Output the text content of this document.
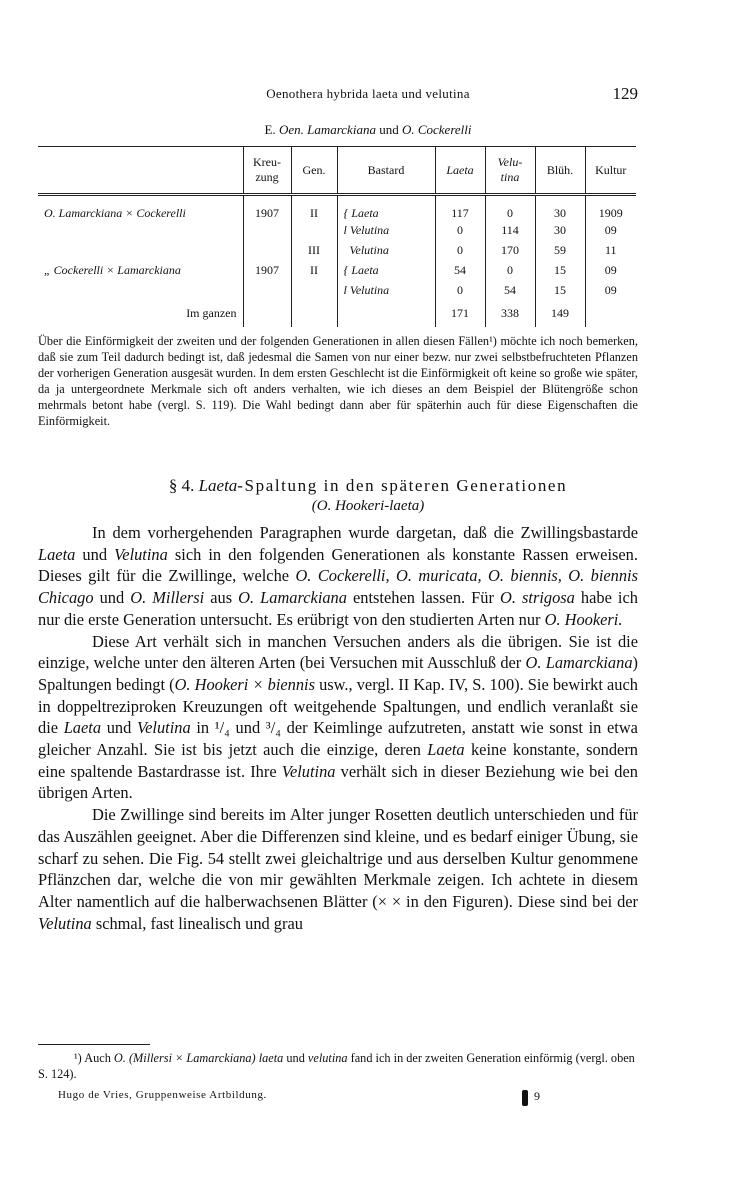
Oenothera hybrida laeta und velutina	129
E. Oen. Lamarckiana und O. Cockerelli
	Kreu-
zung	Gen.	Bastard	Laeta	Velu-
tina	Blüh.	Kultur
O. Lamarckiana × Cockerelli	1907	II	{ Laeta	117	0	30	1909
			l Velutina	0	114	30	09
		III	Velutina	0	170	59	11
„ Cockerelli × Lamarckiana	1907	II	{ Laeta	54	0	15	09
			l Velutina	0	54	15	09
Im ganzen				171	338	149	
Über die Einförmigkeit der zweiten und der folgenden Generationen in allen diesen Fällen¹) möchte ich noch bemerken, daß sie zum Teil dadurch bedingt ist, daß jedesmal die Samen von nur einer bezw. nur zwei selbstbefruchteten Pflanzen der vorherigen Generation ausgesät wurden. In dem ersten Geschlecht ist die Einförmigkeit oft keine so große wie später, da ja untergeordnete Merkmale sich oft anders verhalten, wie ich dieses an dem Beispiel der Blütengröße schon mehrmals betont habe (vergl. S. 119). Die Wahl bedingt dann aber für späterhin auch für diese Eigenschaften die Einförmigkeit.
§ 4. Laeta-Spaltung in den späteren Generationen
(O. Hookeri-laeta)

In dem vorhergehenden Paragraphen wurde dargetan, daß die Zwillingsbastarde Laeta und Velutina sich in den folgenden Generationen als konstante Rassen erweisen. Dieses gilt für die Zwillinge, welche O. Cockerelli, O. muricata, O. biennis, O. biennis Chicago und O. Millersi aus O. Lamarckiana entstehen lassen. Für O. strigosa habe ich nur die erste Generation untersucht. Es erübrigt von den studierten Arten nur O. Hookeri.

Diese Art verhält sich in manchen Versuchen anders als die übrigen. Sie ist die einzige, welche unter den älteren Arten (bei Versuchen mit Ausschluß der O. Lamarckiana) Spaltungen bedingt (O. Hookeri × biennis usw., vergl. II Kap. IV, S. 100). Sie bewirkt auch in doppeltreziproken Kreuzungen oft weitgehende Spaltungen, und endlich veranlaßt sie die Laeta und Velutina in ¹/₄ und ³/₄ der Keimlinge aufzutreten, anstatt wie sonst in etwa gleicher Anzahl. Sie ist bis jetzt auch die einzige, deren Laeta keine konstante, sondern eine spaltende Bastardrasse ist. Ihre Velutina verhält sich in dieser Beziehung wie bei den übrigen Arten.

Die Zwillinge sind bereits im Alter junger Rosetten deutlich unterschieden und für das Auszählen geeignet. Aber die Differenzen sind kleine, und es bedarf einiger Übung, sie scharf zu sehen. Die Fig. 54 stellt zwei gleichaltrige und aus derselben Kultur genommene Pflänzchen dar, welche die von mir gewählten Merkmale zeigen. Ich achtete in diesem Alter namentlich auf die halberwachsenen Blätter (× × in den Figuren). Diese sind bei der Velutina schmal, fast linealisch und grau

¹) Auch O. (Millersi × Lamarckiana) laeta und velutina fand ich in der zweiten Generation einförmig (vergl. oben S. 124).
Hugo de Vries, Gruppenweise Artbildung.	9
